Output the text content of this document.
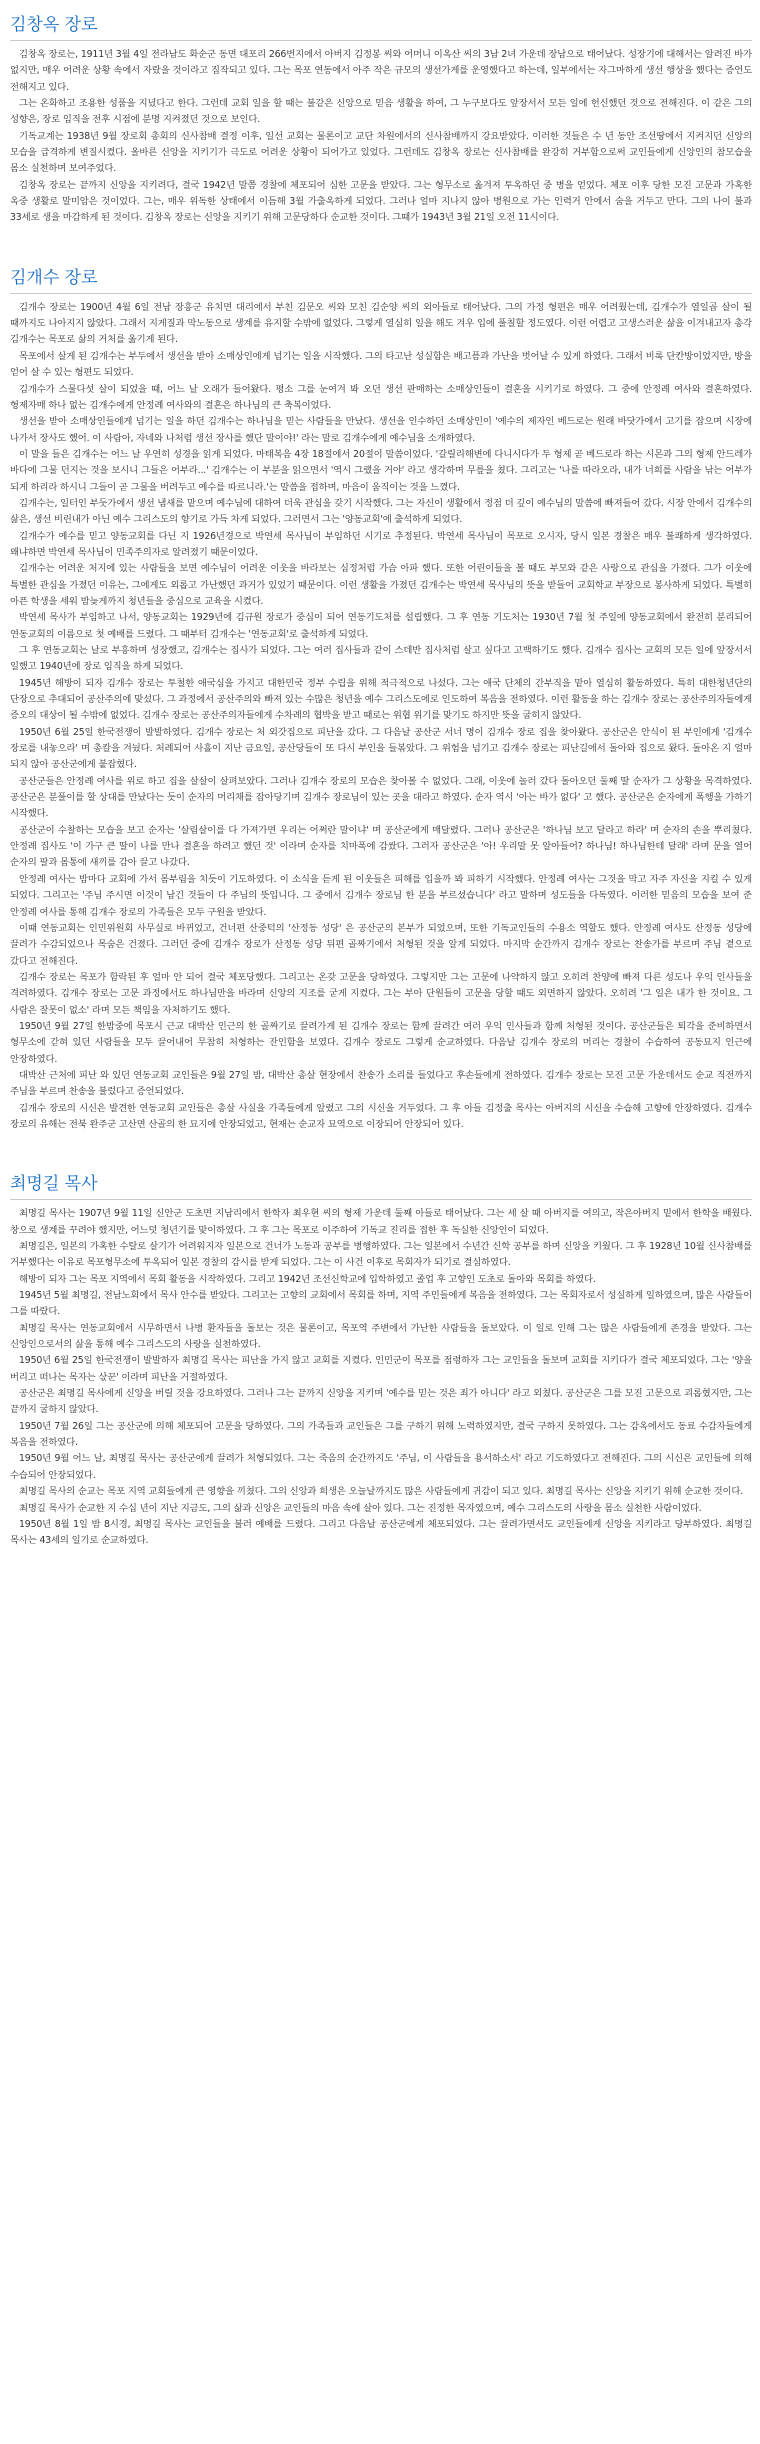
김창옥 장로

김창옥 장로는, 1911년 3월 4일 전라남도 화순군 동면 대포리 266번지에서 아버지 김정봉 씨와 어머니 이옥산 씨의 3남 2녀 가운데 장남으로 태어났다. 성장기에 대해서는 알려진 바가 없지만, 매우 어려운 상황 속에서 자랐을 것이라고 짐작되고 있다. 그는 목포 연동에서 아주 작은 규모의 생선가게를 운영했다고 하는데, 일부에서는 자그마하게 생선 행상을 했다는 증언도 전해지고 있다.

그는 온화하고 조용한 성품을 지녔다고 한다. 그런데 교회 일을 할 때는 불같은 신앙으로 믿음 생활을 하여, 그 누구보다도 앞장서서 모든 일에 헌신했던 것으로 전해진다. 이 같은 그의 성향은, 장로 임직을 전후 시점에 분명 지켜졌던 것으로 보인다.

기독교계는 1938년 9월 장로회 총회의 신사참배 결정 이후, 일선 교회는 물론이고 교단 차원에서의 신사참배까지 강요받았다. 이러한 것들은 수 년 동안 조선땅에서 지켜지던 신앙의 모습을 급격하게 변질시켰다. 올바른 신앙을 지키기가 극도로 어려운 상황이 되어가고 있었다. 그런데도 김창옥 장로는 신사참배를 완강히 거부함으로써 교인들에게 신앙인의 참모습을 몸소 실천하며 보여주었다.

김창옥 장로는 끝까지 신앙을 지키려다, 결국 1942년 말쯤 경찰에 체포되어 심한 고문을 받았다. 그는 형무소로 옮겨져 투옥하던 중 병을 얻었다. 체포 이후 당한 모진 고문과 가혹한 옥중 생활로 말미암은 것이었다. 그는, 매우 위독한 상태에서 이듬해 3월 가출옥하게 되었다. 그러나 얼마 지나지 않아 병원으로 가는 인력거 안에서 숨을 거두고 만다. 그의 나이 불과 33세로 생을 마감하게 된 것이다. 김창옥 장로는 신앙을 지키기 위해 고문당하다 순교한 것이다. 그때가 1943년 3월 21일 오전 11시이다.

김개수 장로

김개수 장로는 1900년 4월 6일 전남 장흥군 유치면 대리에서 부친 김문오 씨와 모친 김순양 씨의 외아들로 태어났다. 그의 가정 형편은 매우 어려웠는데, 김개수가 열일곱 살이 될 때까지도 나아지지 않았다. 그래서 지게질과 막노동으로 생계를 유지할 수밖에 없었다. 그렇게 열심히 일을 해도 겨우 입에 풀칠할 정도였다. 이런 어렵고 고생스러운 삶을 이겨내고자 총각 김개수는 목포로 삶의 거처를 옮기게 된다.

목포에서 살게 된 김개수는 부두에서 생선을 받아 소매상인에게 넘기는 일을 시작했다. 그의 타고난 성실함은 배고픔과 가난을 벗어날 수 있게 하였다. 그래서 비록 단칸방이었지만, 방을 얻어 살 수 있는 형편도 되었다.

김개수가 스물다섯 살이 되었을 때, 어느 날 오래가 들어왔다. 평소 그를 눈여겨 봐 오던 생선 판매하는 소매상인들이 결혼을 시키기로 하였다. 그 중에 안정례 여사와 결혼하였다. 형제자매 하나 없는 김개수에게 안정례 여사와의 결혼은 하나님의 큰 축복이었다.

생선을 받아 소매상인들에게 넘기는 일을 하던 김개수는 하나님을 믿는 사람들을 만났다. 생선을 인수하던 소매상인이 '예수의 제자인 베드로는 원래 바닷가에서 고기를 잡으며 시장에 나가서 장사도 했어. 이 사람아, 자네와 나처럼 생선 장사를 했단 말이야!' 라는 말로 김개수에게 예수님을 소개하였다.

이 말을 들은 김개수는 어느 날 우연히 성경을 읽게 되었다. 마태복음 4장 18절에서 20절이 말씀이었다. '갈릴리해변에 다니시다가 두 형제 곧 베드로라 하는 시몬과 그의 형제 안드레가 바다에 그물 던지는 것을 보시니 그들은 어부라...' 김개수는 이 부분을 읽으면서 '역시 그랬을 거야' 라고 생각하며 무릎을 쳤다. 그리고는 '나를 따라오라, 내가 너희를 사람을 낚는 어부가 되게 하리라 하시니 그들이 곧 그물을 버려두고 예수를 따르니라.'는 말씀을 접하며, 마음이 움직이는 것을 느꼈다.

김개수는, 일터인 부둣가에서 생선 냄새를 맡으며 예수님에 대하여 더욱 관심을 갖기 시작했다. 그는 자신이 생활에서 정점 더 깊이 예수님의 말씀에 빠져들어 갔다. 시장 안에서 김개수의 삶은, 생선 비린내가 아닌 예수 그리스도의 향기로 가득 차게 되었다. 그러면서 그는 '양동교회'에 출석하게 되었다.

김개수가 예수를 믿고 양동교회를 다닌 지 1926년경으로 박연세 목사님이 부임하던 시기로 추정된다. 박연세 목사님이 목포로 오시자, 당시 일본 경찰은 매우 불쾌하게 생각하였다. 왜냐하면 박연세 목사님이 민족주의자로 알려졌기 때문이었다.

김개수는 어려운 처지에 있는 사람들을 보면 예수님이 어려운 이웃을 바라보는 심정처럼 가슴 아파 했다. 또한 어린이들을 볼 때도 부모와 같은 사랑으로 관심을 가졌다. 그가 이웃에 특별한 관심을 가졌던 이유는, 그에게도 외롭고 가난했던 과거가 있었기 때문이다. 이런 생활을 가졌던 김개수는 박연세 목사님의 뜻을 받들어 교회학교 부장으로 봉사하게 되었다. 특별히 아픈 학생을 세워 밤늦게까지 청년들을 중심으로 교육을 시켰다.

박연세 목사가 부임하고 나서, 양동교회는 1929년에 김규원 장로가 중심이 되어 연동기도처를 설립했다. 그 후 연동 기도처는 1930년 7월 첫 주일에 양동교회에서 완전히 분리되어 연동교회의 이름으로 첫 예배를 드렸다. 그 때부터 김개수는 '연동교회'로 출석하게 되었다.

그 후 연동교회는 날로 부흥하며 성장했고, 김개수는 집사가 되었다. 그는 여러 집사들과 같이 스데반 집사처럼 살고 싶다고 고백하기도 했다. 김개수 집사는 교회의 모든 일에 앞장서서 일했고 1940년에 장로 임직을 하게 되었다.

1945년 해방이 되자 김개수 장로는 투철한 애국심을 가지고 대한민국 정부 수립을 위해 적극적으로 나섰다. 그는 애국 단체의 간부직을 맡아 열심히 활동하였다. 특히 대한청년단의 단장으로 추대되어 공산주의에 맞섰다. 그 과정에서 공산주의와 빠져 있는 수많은 청년을 예수 그리스도에로 인도하여 복음을 전하였다. 이런 활동을 하는 김개수 장로는 공산주의자들에게 증오의 대상이 될 수밖에 없었다. 김개수 장로는 공산주의자들에게 수차례의 협박을 받고 때로는 위협 위기를 맞기도 하지만 뜻을 굽히지 않았다.

1950년 6월 25일 한국전쟁이 발발하였다. 김개수 장로는 처 외갓집으로 피난을 갔다. 그 다음날 공산군 서너 명이 김개수 장로 집을 찾아왔다. 공산군은 안식이 된 부인에게 '김개수 장로를 내놓으라' 며 총칼을 겨눴다. 처례되어 사흘이 지난 금요일, 공산당들이 또 다시 부인을 들볶았다. 그 위험을 넘기고 김개수 장로는 피난길에서 돌아와 집으로 왔다. 돌아온 지 얼마 되지 않아 공산군에게 붙잡혔다.

공산군들은 안정례 여사를 위로 하고 집을 살살이 살펴보았다. 그러나 김개수 장로의 모습은 찾아볼 수 없었다. 그래, 이웃에 놀러 갔다 돌아오던 둘째 딸 순자가 그 상황을 목격하였다. 공산군은 분풀이를 할 상대를 만났다는 듯이 순자의 머리채를 잡아당기며 김개수 장로님이 있는 곳을 대라고 하였다. 순자 역시 '아는 바가 없다' 고 했다. 공산군은 순자에게 폭행을 가하기 시작했다.

공산군이 수찰하는 모습을 보고 순자는 '살림살이를 다 가져가면 우리는 어쩌란 말이냐' 며 공산군에게 매달렸다. 그러나 공산군은 '하나님 보고 달라고 하라' 며 순자의 손을 뿌리쳤다. 안정례 집사도 '이 가구 큰 딸이 나를 만나 결혼을 하려고 했던 것' 이라며 순자를 치마폭에 감쌌다. 그러자 공산군은 '아! 우리말 못 알아들어? 하나님! 하나님한테 달래' 라며 문을 열어 순자의 팔과 몸통에 새끼를 감아 끌고 나갔다.

안정례 여사는 밤마다 교회에 가서 몸부림을 치듯이 기도하였다. 이 소식을 듣게 된 이웃들은 피해를 입을까 봐 피하기 시작했다. 안정례 여사는 그것을 막고 자주 자신을 지킬 수 있게 되었다. 그리고는 '주님 주시면 이것이 남긴 것들이 다 주님의 뜻입니다. 그 중에서 김개수 장로님 한 분을 부르셨습니다' 라고 말하며 성도들을 다독였다. 이러한 믿음의 모습을 보여 준 안정례 여사를 통해 김개수 장로의 가족들은 모두 구원을 받았다.

이때 연동교회는 인민위원회 사무실로 바뀌었고, 건너편 산중턱의 '산정동 성당' 은 공산군의 본부가 되었으며, 또한 기독교인들의 수용소 역할도 했다. 안정례 여사도 산정동 성당에 끌려가 수감되었으나 목숨은 건졌다. 그러던 중에 김개수 장로가 산정동 성당 뒤편 골짜기에서 처형된 것을 알게 되었다. 마지막 순간까지 김개수 장로는 찬송가를 부르며 주님 곁으로 갔다고 전해진다.

김개수 장로는 목포가 함락된 후 얼마 안 되어 결국 체포당했다. 그리고는 온갖 고문을 당하였다. 그렇지만 그는 고문에 나약하지 않고 오히려 찬양에 빠져 다른 성도나 우익 인사들을 격려하였다. 김개수 장로는 고문 과정에서도 하나님만을 바라며 신앙의 지조를 굳게 지켰다. 그는 부아 단원들이 고문을 당할 때도 외면하지 않았다. 오히려 '그 일은 내가 한 것이요. 그 사람은 잘못이 없소' 라며 모든 책임을 자처하기도 했다.

1950년 9월 27일 한밤중에 목포시 근교 대박산 인근의 한 골짜기로 끌려가게 된 김개수 장로는 함께 끌려간 여러 우익 인사들과 함께 처형된 것이다. 공산군들은 퇴각을 준비하면서 형무소에 갇혀 있던 사람들을 모두 끌어내어 무참히 처형하는 잔인함을 보였다. 김개수 장로도 그렇게 순교하였다. 다음날 김개수 장로의 머리는 경찰이 수습하여 공동묘지 인근에 안장하였다.

대박산 근처에 피난 와 있던 연동교회 교인들은 9월 27일 밤, 대박산 총살 현장에서 찬송가 소리를 들었다고 후손들에게 전하였다. 김개수 장로는 모진 고문 가운데서도 순교 직전까지 주님을 부르며 찬송을 불렀다고 증언되었다.

김개수 장로의 시신은 발견한 연동교회 교인들은 총살 사실을 가족들에게 알렸고 그의 시신을 거두었다. 그 후 아들 김정출 목사는 아버지의 시신을 수습해 고향에 안장하였다. 김개수 장로의 유해는 전북 완주군 고산면 산골의 한 묘지에 안장되었고, 현재는 순교자 묘역으로 이장되어 안장되어 있다.

최명길 목사

최명길 목사는 1907년 9월 11일 신안군 도초면 지남리에서 한학자 최우현 씨의 형제 가운데 둘째 아들로 태어났다. 그는 세 살 때 아버지를 여의고, 작은아버지 밑에서 한학을 배웠다. 창으로 생계를 꾸려야 했지만, 어느덧 청년기를 맞이하였다. 그 후 그는 목포로 이주하여 기독교 진리를 접한 후 독실한 신앙인이 되었다.

최명길은, 일본의 가혹한 수탈로 살기가 어려워지자 일본으로 건너가 노동과 공부를 병행하였다. 그는 일본에서 수년간 신학 공부를 하며 신앙을 키웠다. 그 후 1928년 10월 신사참배를 거부했다는 이유로 목포형무소에 투옥되어 일본 경찰의 감시를 받게 되었다. 그는 이 사건 이후로 목회자가 되기로 결심하였다.

해방이 되자 그는 목포 지역에서 목회 활동을 시작하였다. 그리고 1942년 조선신학교에 입학하였고 졸업 후 고향인 도초로 돌아와 목회를 하였다.

1945년 5월 최명길, 전남노회에서 목사 안수를 받았다. 그리고는 고향의 교회에서 목회를 하며, 지역 주민들에게 복음을 전하였다. 그는 목회자로서 성실하게 일하였으며, 많은 사람들이 그를 따랐다.

최명길 목사는 연동교회에서 시무하면서 나병 환자들을 돌보는 것은 물론이고, 목포역 주변에서 가난한 사람들을 돌보았다. 이 일로 인해 그는 많은 사람들에게 존경을 받았다. 그는 신앙인으로서의 삶을 통해 예수 그리스도의 사랑을 실천하였다.

1950년 6월 25일 한국전쟁이 발발하자 최명길 목사는 피난을 가지 않고 교회를 지켰다. 인민군이 목포를 점령하자 그는 교인들을 돌보며 교회를 지키다가 결국 체포되었다. 그는 '양을 버리고 떠나는 목자는 삯꾼' 이라며 피난을 거절하였다.

공산군은 최명길 목사에게 신앙을 버릴 것을 강요하였다. 그러나 그는 끝까지 신앙을 지키며 '예수를 믿는 것은 죄가 아니다' 라고 외쳤다. 공산군은 그를 모진 고문으로 괴롭혔지만, 그는 끝까지 굴하지 않았다.

1950년 7월 26일 그는 공산군에 의해 체포되어 고문을 당하였다. 그의 가족들과 교인들은 그를 구하기 위해 노력하였지만, 결국 구하지 못하였다. 그는 감옥에서도 동료 수감자들에게 복음을 전하였다.

1950년 9월 어느 날, 최명길 목사는 공산군에게 끌려가 처형되었다. 그는 죽음의 순간까지도 '주님, 이 사람들을 용서하소서' 라고 기도하였다고 전해진다. 그의 시신은 교인들에 의해 수습되어 안장되었다.

최명길 목사의 순교는 목포 지역 교회들에게 큰 영향을 끼쳤다. 그의 신앙과 희생은 오늘날까지도 많은 사람들에게 귀감이 되고 있다. 최명길 목사는 신앙을 지키기 위해 순교한 것이다.

최명길 목사가 순교한 지 수십 년이 지난 지금도, 그의 삶과 신앙은 교인들의 마음 속에 살아 있다. 그는 진정한 목자였으며, 예수 그리스도의 사랑을 몸소 실천한 사람이었다.

1950년 8월 1일 밤 8시경, 최명길 목사는 교인들을 불러 예배를 드렸다. 그리고 다음날 공산군에게 체포되었다. 그는 끌려가면서도 교인들에게 신앙을 지키라고 당부하였다. 최명길 목사는 43세의 일기로 순교하였다.
